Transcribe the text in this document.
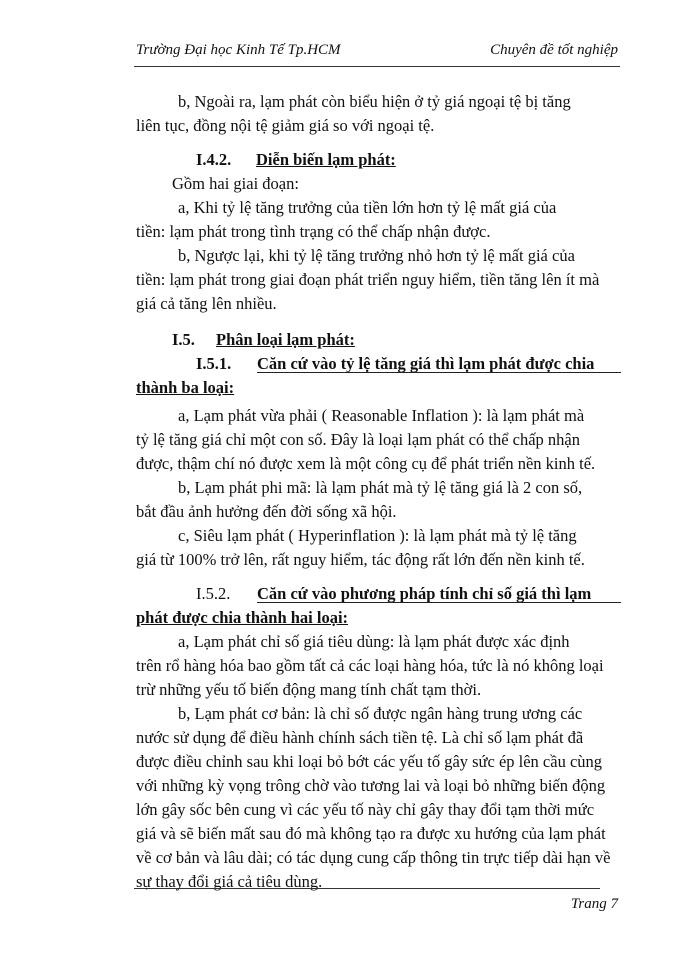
Trường Đại học Kinh Tế Tp.HCM	Chuyên đề tốt nghiệp
b, Ngoài ra, lạm phát còn biểu hiện ở tỷ giá ngoại tệ bị tăng
liên tục, đồng nội tệ giảm giá so với ngoại tệ.
I.4.2. Diễn biến lạm phát:
Gồm hai giai đoạn:
a, Khi tỷ lệ tăng trưởng của tiền lớn hơn tỷ lệ mất giá của
tiền: lạm phát trong tình trạng có thể chấp nhận được.
b, Ngược lại, khi tỷ lệ tăng trưởng nhỏ hơn tỷ lệ mất giá của
tiền: lạm phát trong giai đoạn phát triển nguy hiểm, tiền tăng lên ít mà
giá cả tăng lên nhiều.
I.5. Phân loại lạm phát:
I.5.1. Căn cứ vào tỷ lệ tăng giá thì lạm phát được chia
thành ba loại:
a, Lạm phát vừa phải ( Reasonable Inflation ): là lạm phát mà
tỷ lệ tăng giá chỉ một con số. Đây là loại lạm phát có thể chấp nhận
được, thậm chí nó được xem là một công cụ để phát triển nền kinh tế.
b, Lạm phát phi mã: là lạm phát mà tỷ lệ tăng giá là 2 con số,
bắt đầu ảnh hưởng đến đời sống xã hội.
c, Siêu lạm phát ( Hyperinflation ): là lạm phát mà tỷ lệ tăng
giá từ 100% trở lên, rất nguy hiểm, tác động rất lớn đến nền kinh tế.
I.5.2. Căn cứ vào phương pháp tính chỉ số giá thì lạm
phát được chia thành hai loại:
a, Lạm phát chỉ số giá tiêu dùng: là lạm phát được xác định
trên rổ hàng hóa bao gồm tất cả các loại hàng hóa, tức là nó không loại
trừ những yếu tố biến động mang tính chất tạm thời.
b, Lạm phát cơ bản: là chỉ số được ngân hàng trung ương các
nước sử dụng để điều hành chính sách tiền tệ. Là chỉ số lạm phát đã
được điều chỉnh sau khi loại bỏ bớt các yếu tố gây sức ép lên cầu cùng
với những kỳ vọng trông chờ vào tương lai và loại bỏ những biến động
lớn gây sốc bên cung vì các yếu tố này chỉ gây thay đổi tạm thời mức
giá và sẽ biến mất sau đó mà không tạo ra được xu hướng của lạm phát
về cơ bản và lâu dài; có tác dụng cung cấp thông tin trực tiếp dài hạn về
sự thay đổi giá cả tiêu dùng.
Trang 7
